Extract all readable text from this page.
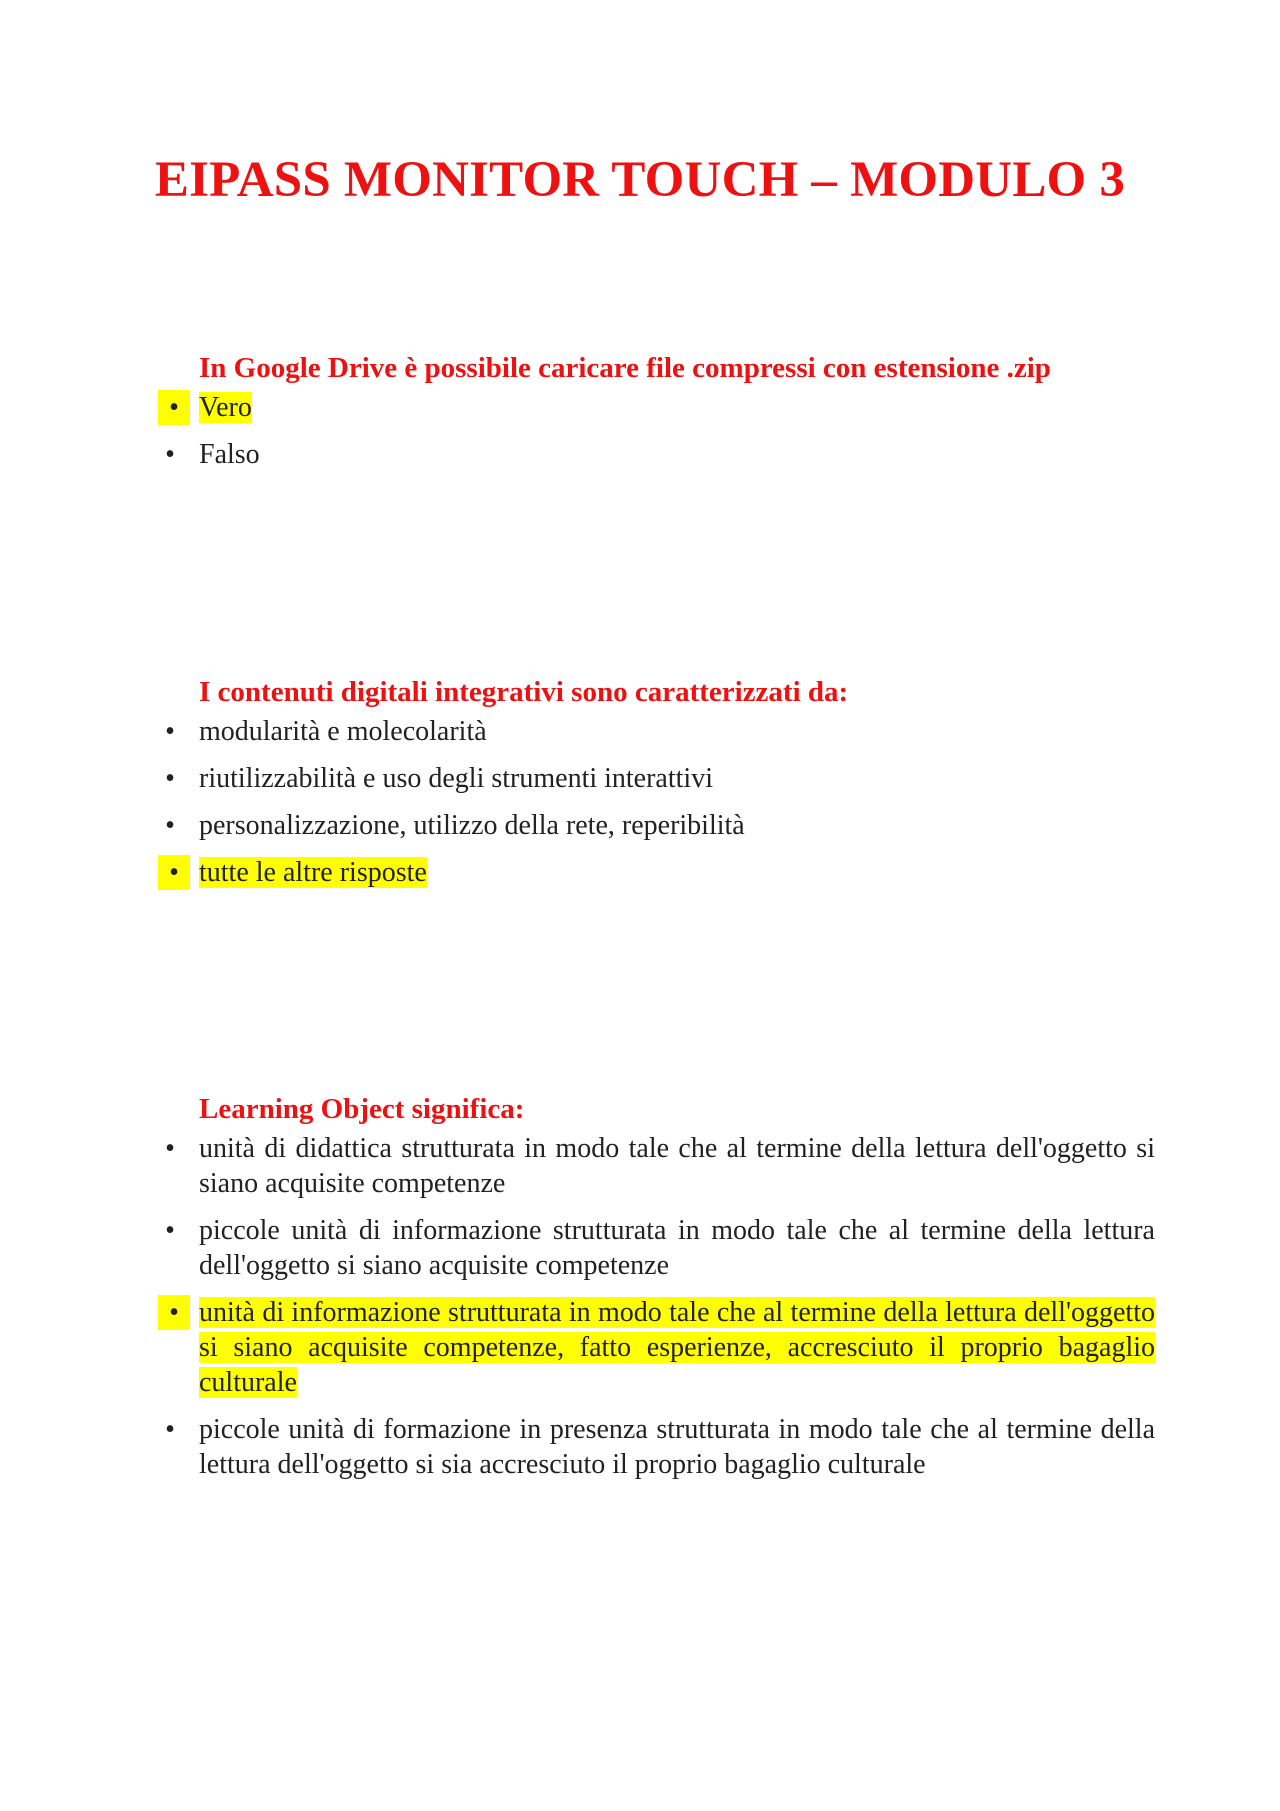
EIPASS MONITOR TOUCH – MODULO 3

In Google Drive è possibile caricare file compressi con estensione .zip

• Vero
• Falso

I contenuti digitali integrativi sono caratterizzati da:

• modularità e molecolarità
• riutilizzabilità e uso degli strumenti interattivi
• personalizzazione, utilizzo della rete, reperibilità
• tutte le altre risposte

Learning Object significa:

• unità di didattica strutturata in modo tale che al termine della lettura dell'oggetto si siano acquisite competenze
• piccole unità di informazione strutturata in modo tale che al termine della lettura dell'oggetto si siano acquisite competenze
• unità di informazione strutturata in modo tale che al termine della lettura dell'oggetto si siano acquisite competenze, fatto esperienze, accresciuto il proprio bagaglio culturale
• piccole unità di formazione in presenza strutturata in modo tale che al termine della lettura dell'oggetto si sia accresciuto il proprio bagaglio culturale
